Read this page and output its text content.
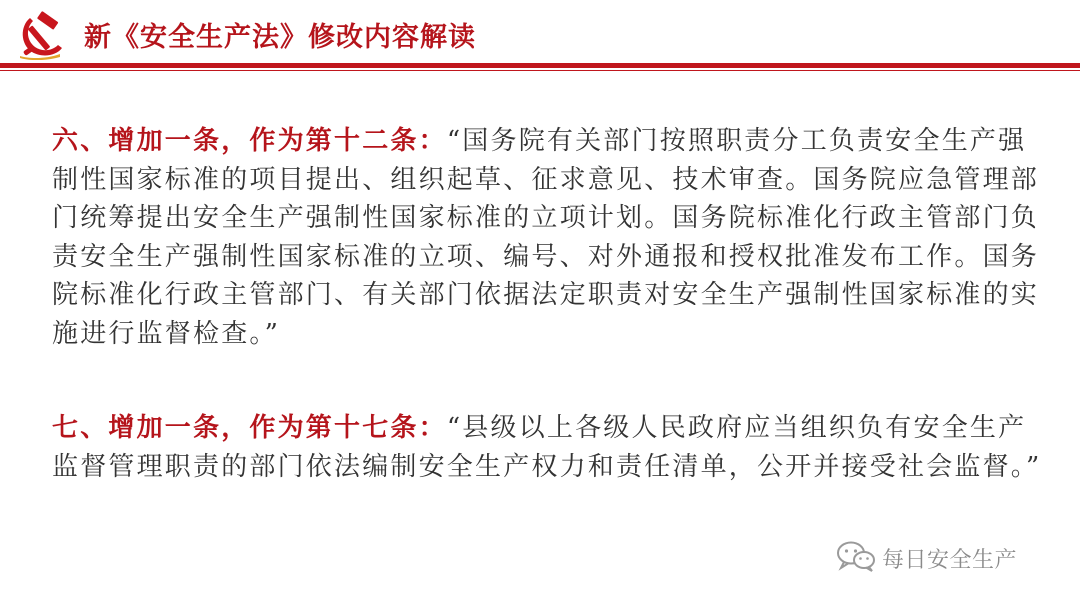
新《安全生产法》修改内容解读

六、增加一条，作为第十二条：“国务院有关部门按照职责分工负责安全生产强制性国家标准的项目提出、组织起草、征求意见、技术审查。国务院应急管理部门统筹提出安全生产强制性国家标准的立项计划。国务院标准化行政主管部门负责安全生产强制性国家标准的立项、编号、对外通报和授权批准发布工作。国务院标准化行政主管部门、有关部门依据法定职责对安全生产强制性国家标准的实施进行监督检查。”

七、增加一条，作为第十七条：“县级以上各级人民政府应当组织负有安全生产监督管理职责的部门依法编制安全生产权力和责任清单，公开并接受社会监督。”

每日安全生产
